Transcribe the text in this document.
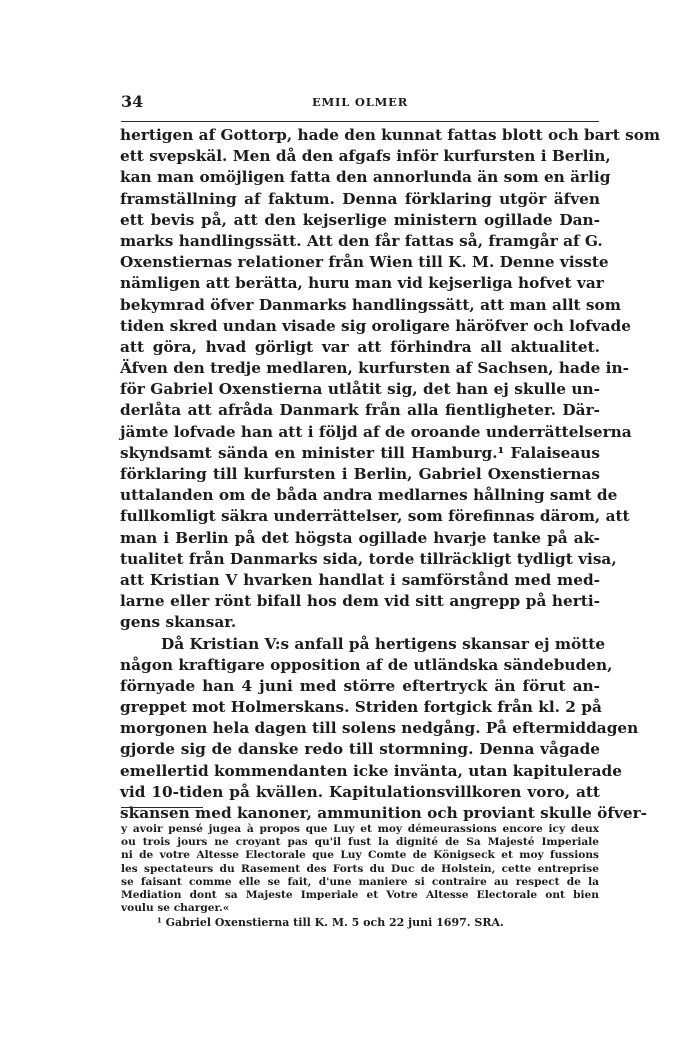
34	EMIL OLMER
hertigen af Gottorp, hade den kunnat fattas blott och bart som
ett svepskäl. Men då den afgafs inför kurfursten i Berlin,
kan man omöjligen fatta den annorlunda än som en ärlig
framställning af faktum. Denna förklaring utgör äfven
ett bevis på, att den kejserlige ministern ogillade Dan-
marks handlingssätt. Att den får fattas så, framgår af G.
Oxenstiernas relationer från Wien till K. M. Denne visste
nämligen att berätta, huru man vid kejserliga hofvet var
bekymrad öfver Danmarks handlingssätt, att man allt som
tiden skred undan visade sig oroligare häröfver och lofvade
att göra, hvad görligt var att förhindra all aktualitet.
Äfven den tredje medlaren, kurfursten af Sachsen, hade in-
för Gabriel Oxenstierna utlåtit sig, det han ej skulle un-
derlåta att afråda Danmark från alla fientligheter. Där-
jämte lofvade han att i följd af de oroande underrättelserna
skyndsamt sända en minister till Hamburg.¹ Falaiseaus
förklaring till kurfursten i Berlin, Gabriel Oxenstiernas
uttalanden om de båda andra medlarnes hållning samt de
fullkomligt säkra underrättelser, som förefinnas därom, att
man i Berlin på det högsta ogillade hvarje tanke på ak-
tualitet från Danmarks sida, torde tillräckligt tydligt visa,
att Kristian V hvarken handlat i samförstånd med med-
larne eller rönt bifall hos dem vid sitt angrepp på herti-
gens skansar.
Då Kristian V:s anfall på hertigens skansar ej mötte
någon kraftigare opposition af de utländska sändebuden,
förnyade han 4 juni med större eftertryck än förut an-
greppet mot Holmerskans. Striden fortgick från kl. 2 på
morgonen hela dagen till solens nedgång. På eftermiddagen
gjorde sig de danske redo till stormning. Denna vågade
emellertid kommendanten icke invänta, utan kapitulerade
vid 10-tiden på kvällen. Kapitulationsvillkoren voro, att
skansen med kanoner, ammunition och proviant skulle öfver-
y avoir pensé jugea à propos que Luy et moy démeurassions encore icy deux
ou trois jours ne croyant pas qu'il fust la dignité de Sa Majesté Imperiale
ni de votre Altesse Electorale que Luy Comte de Königseck et moy fussions
les spectateurs du Rasement des Forts du Duc de Holstein, cette entreprise
se faisant comme elle se fait, d'une maniere si contraire au respect de la
Mediation dont sa Majeste Imperiale et Votre Altesse Electorale ont bien
voulu se charger.«
¹ Gabriel Oxenstierna till K. M. 5 och 22 juni 1697. SRA.
